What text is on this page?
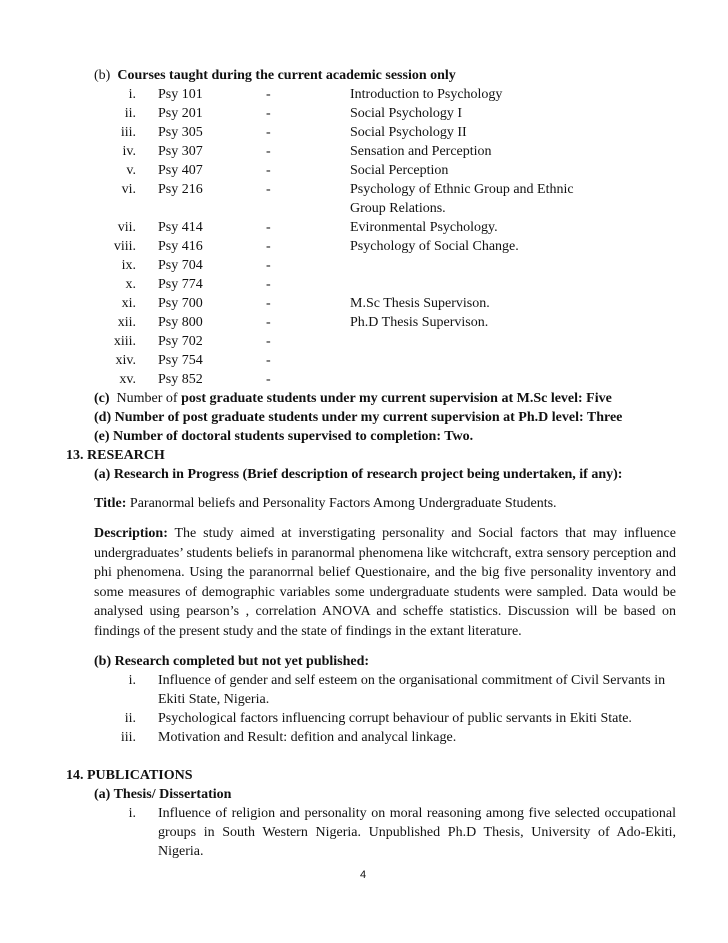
(b) Courses taught during the current academic session only
i. Psy 101	-	Introduction to Psychology
ii. Psy 201	-	Social Psychology I
iii. Psy 305	-	Social Psychology II
iv. Psy 307	-	Sensation and Perception
v. Psy 407	-	Social Perception
vi. Psy 216	-	Psychology of Ethnic Group and Ethnic
Group Relations.
vii. Psy 414	-	Evironmental Psychology.
viii. Psy 416	-	Psychology of Social Change.
ix. Psy 704	-
x. Psy 774	-
xi. Psy 700	-	M.Sc Thesis Supervison.
xii. Psy 800	-	Ph.D Thesis Supervison.
xiii. Psy 702	-
xiv. Psy 754	-
xv. Psy 852	-
(c) Number of post graduate students under my current supervision at M.Sc level: Five
(d) Number of post graduate students under my current supervision at Ph.D level: Three
(e) Number of doctoral students supervised to completion: Two.
13. RESEARCH
(a) Research in Progress (Brief description of research project being undertaken, if any):
Title: Paranormal beliefs and Personality Factors Among Undergraduate Students.
Description: The study aimed at inverstigating personality and Social factors that may influence undergraduates’ students beliefs in paranormal phenomena like witchcraft, extra sensory perception and phi phenomena. Using the paranorrnal belief Questionaire, and the big five personality inventory and some measures of demographic variables some undergraduate students were sampled. Data would be analysed using pearson’s , correlation ANOVA and scheffe statistics. Discussion will be based on findings of the present study and the state of findings in the extant literature.
(b) Research completed but not yet published:
i. Influence of gender and self esteem on the organisational commitment of Civil Servants in
Ekiti State, Nigeria.
ii. Psychological factors influencing corrupt behaviour of public servants in Ekiti State.
iii. Motivation and Result: defition and analycal linkage.
14. PUBLICATIONS
(a) Thesis/ Dissertation
i. Influence of religion and personality on moral reasoning among five selected occupational
groups in South Western Nigeria. Unpublished Ph.D Thesis, University of Ado-Ekiti,
Nigeria.
4
